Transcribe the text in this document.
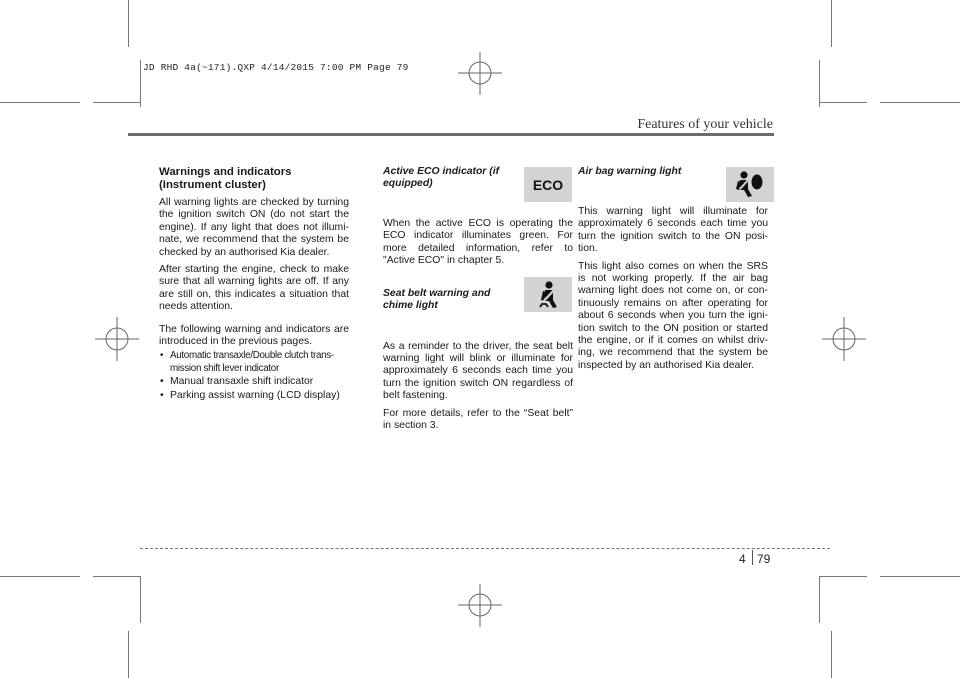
JD RHD 4a(~171).QXP 4/14/2015 7:00 PM Page 79
Features of your vehicle
Warnings and indicators (Instrument cluster)

All warning lights are checked by turning the ignition switch ON (do not start the engine). If any light that does not illuminate, we recommend that the system be checked by an authorised Kia dealer.

After starting the engine, check to make sure that all warning lights are off. If any are still on, this indicates a situation that needs attention.

The following warning and indicators are introduced in the previous pages.

• Automatic transaxle/Double clutch transmission shift lever indicator
• Manual transaxle shift indicator
• Parking assist warning (LCD display)
Active ECO indicator (if equipped)

When the active ECO is operating the ECO indicator illuminates green. For more detailed information, refer to "Active ECO" in chapter 5.

Seat belt warning and chime light

As a reminder to the driver, the seat belt warning light will blink or illuminate for approximately 6 seconds each time you turn the ignition switch ON regardless of belt fastening.

For more details, refer to the “Seat belt” in section 3.

ECO
Air bag warning light

This warning light will illuminate for approximately 6 seconds each time you turn the ignition switch to the ON position.

This light also comes on when the SRS is not working properly. If the air bag warning light does not come on, or continuously remains on after operating for about 6 seconds when you turn the ignition switch to the ON position or started the engine, or if it comes on whilst driving, we recommend that the system be inspected by an authorised Kia dealer.

4 79
